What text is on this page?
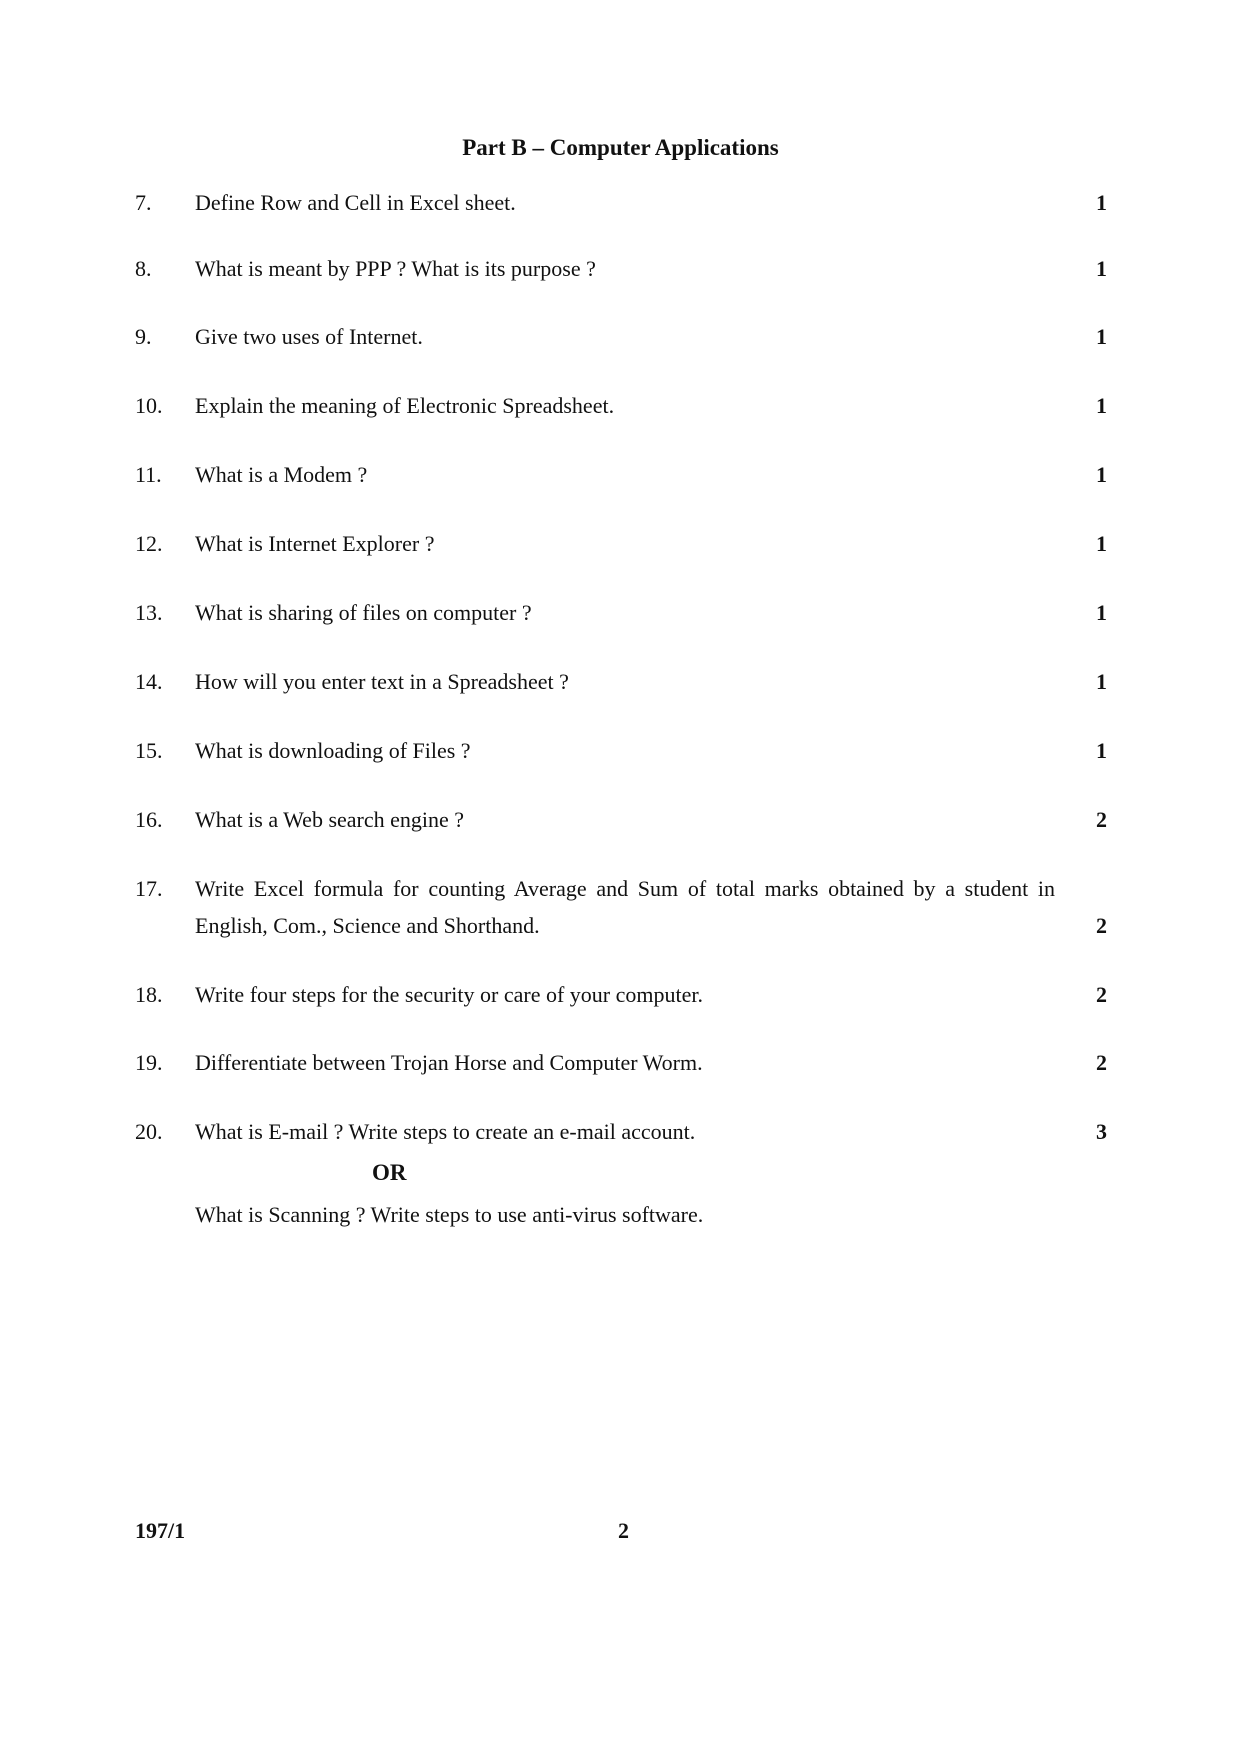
Part B – Computer Applications
7. Define Row and Cell in Excel sheet.	1
8. What is meant by PPP ? What is its purpose ?	1
9. Give two uses of Internet.	1
10. Explain the meaning of Electronic Spreadsheet.	1
11. What is a Modem ?	1
12. What is Internet Explorer ?	1
13. What is sharing of files on computer ?	1
14. How will you enter text in a Spreadsheet ?	1
15. What is downloading of Files ?	1
16. What is a Web search engine ?	2
17. Write Excel formula for counting Average and Sum of total marks obtained by a student in English, Com., Science and Shorthand.	2
18. Write four steps for the security or care of your computer.	2
19. Differentiate between Trojan Horse and Computer Worm.	2
20. What is E-mail ? Write steps to create an e-mail account.	3
OR
What is Scanning ? Write steps to use anti-virus software.
197/1	2
